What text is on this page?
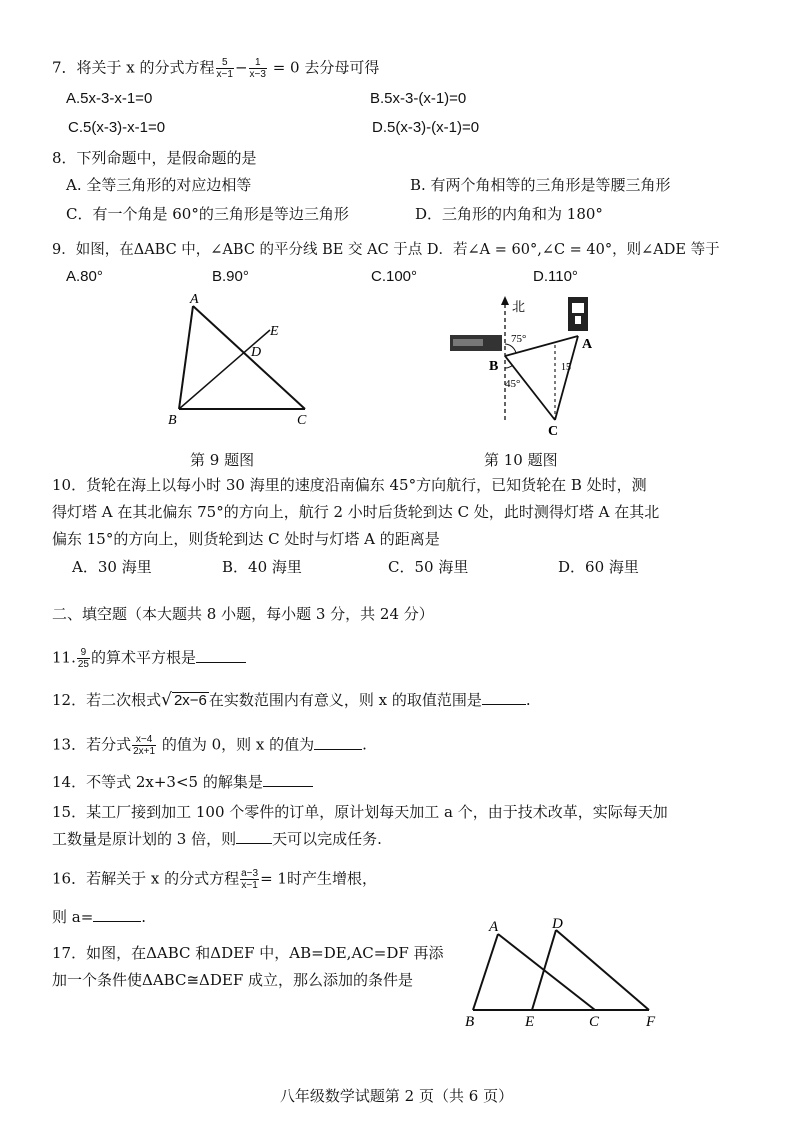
7．将关于 x 的分式方程 $\frac{5}{x-1} - \frac{1}{x-3} = 0$ 去分母可得
A.5x-3-x-1=0	B.5x-3-(x-1)=0
C.5(x-3)-x-1=0	D.5(x-3)-(x-1)=0
8．下列命题中，是假命题的是
A. 全等三角形的对应边相等	B. 有两个角相等的三角形是等腰三角形
C．有一个角是 60°的三角形是等边三角形	D．三角形的内角和为 180°
9．如图，在ΔABC 中，∠ABC 的平分线 BE 交 AC 于点 D．若∠A = 60°,∠C = 40°，则∠ADE 等于
A.80°	B.90°	C.100°	D.110°
A
B	C
D
E
第 9 题图
北
75°
45°
15
A
B
C
第 10 题图
10．货轮在海上以每小时 30 海里的速度沿南偏东 45°方向航行，已知货轮在 B 处时，测
得灯塔 A 在其北偏东 75°的方向上，航行 2 小时后货轮到达 C 处，此时测得灯塔 A 在其北
偏东 15°的方向上，则货轮到达 C 处时与灯塔 A 的距离是
A．30 海里	B．40 海里	C．50 海里	D．60 海里
二、填空题（本大题共 8 小题，每小题 3 分，共 24 分）
11. $\frac{9}{25}$ 的算术平方根是
12．若二次根式√ 2x−6 在实数范围内有意义，则 x 的取值范围是	.
13．若分式 $\frac{x-4}{2x+1}$ 的值为 0，则 x 的值为	.
14．不等式 2x+3<5 的解集是
15．某工厂接到加工 100 个零件的订单，原计划每天加工 a 个，由于技术改革，实际每天加
工数量是原计划的 3 倍，则 天可以完成任务.
16．若解关于 x 的分式方程 $\frac{a-3}{x-1} = 1$时产生增根，
则 a=	.
17．如图，在ΔABC 和ΔDEF 中，AB=DE,AC=DF 再添
加一个条件使ΔABC≅ΔDEF 成立，那么添加的条件是
A
B	C
D
E	F
八年级数学试题第 2 页（共 6 页）
